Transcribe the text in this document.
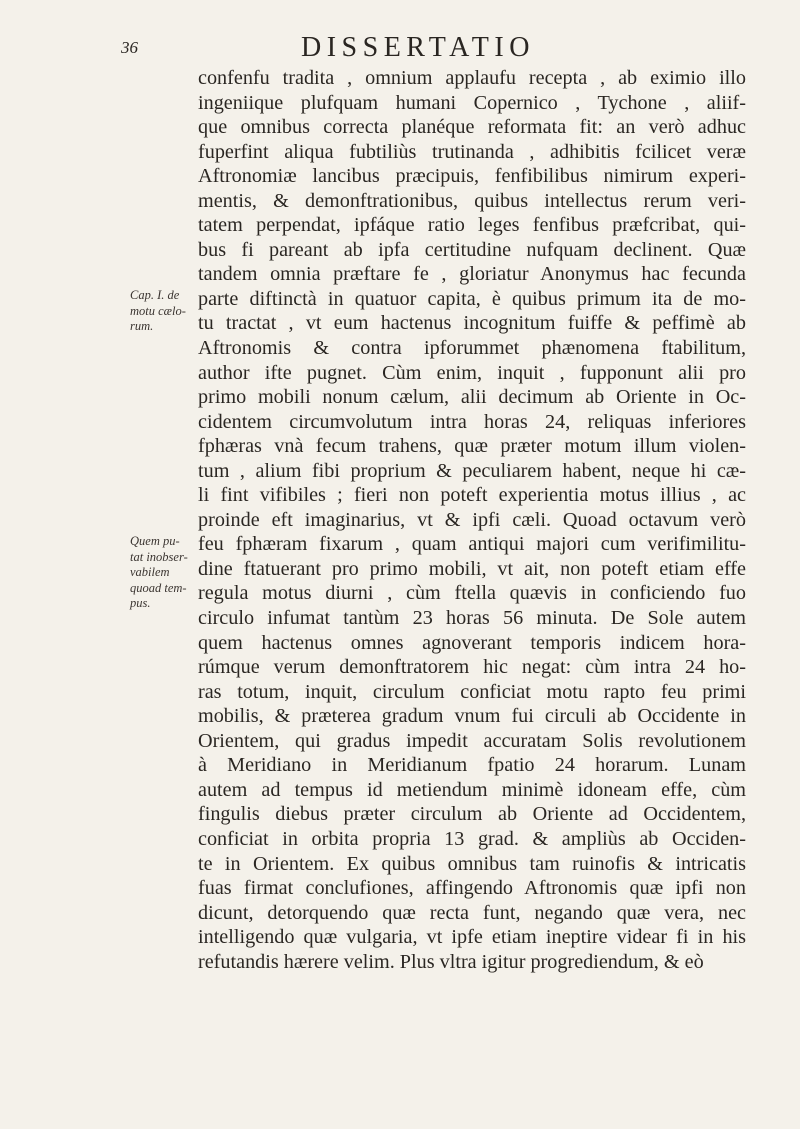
36	DISSERTATIO
Cap. I. de
motu cælo-
rum.
Quem pu-
tat inobser-
vabilem
quoad tem-
pus.
confenfu tradita , omnium applaufu recepta , ab eximio illo
ingeniique plufquam humani Copernico , Tychone , aliif-
que omnibus correcta planéque reformata fit: an verò adhuc
fuperfint aliqua fubtiliùs trutinanda , adhibitis fcilicet veræ
Aftronomiæ lancibus præcipuis, fenfibilibus nimirum experi-
mentis, & demonftrationibus, quibus intellectus rerum veri-
tatem perpendat, ipfáque ratio leges fenfibus præfcribat, qui-
bus fi pareant ab ipfa certitudine nufquam declinent. Quæ
tandem omnia præftare fe , gloriatur Anonymus hac fecunda
parte diftinctà in quatuor capita, è quibus primum ita de mo-
tu tractat , vt eum hactenus incognitum fuiffe & peffimè ab
Aftronomis & contra ipforummet phænomena ftabilitum,
author ifte pugnet. Cùm enim, inquit , fupponunt alii pro
primo mobili nonum cælum, alii decimum ab Oriente in Oc-
cidentem circumvolutum intra horas 24, reliquas inferiores
fphæras vnà fecum trahens, quæ præter motum illum violen-
tum , alium fibi proprium & peculiarem habent, neque hi cæ-
li fint vifibiles ; fieri non poteft experientia motus illius , ac
proinde eft imaginarius, vt & ipfi cæli. Quoad octavum verò
feu fphæram fixarum , quam antiqui majori cum verifimilitu-
dine ftatuerant pro primo mobili, vt ait, non poteft etiam effe
regula motus diurni , cùm ftella quævis in conficiendo fuo
circulo infumat tantùm 23 horas 56 minuta. De Sole autem
quem hactenus omnes agnoverant temporis indicem hora-
rúmque verum demonftratorem hic negat: cùm intra 24 ho-
ras totum, inquit, circulum conficiat motu rapto feu primi
mobilis, & præterea gradum vnum fui circuli ab Occidente in
Orientem, qui gradus impedit accuratam Solis revolutionem
à Meridiano in Meridianum fpatio 24 horarum. Lunam
autem ad tempus id metiendum minimè idoneam effe, cùm
fingulis diebus præter circulum ab Oriente ad Occidentem,
conficiat in orbita propria 13 grad. & ampliùs ab Occiden-
te in Orientem. Ex quibus omnibus tam ruinofis & intricatis
fuas firmat conclufiones, affingendo Aftronomis quæ ipfi non
dicunt, detorquendo quæ recta funt, negando quæ vera, nec
intelligendo quæ vulgaria, vt ipfe etiam ineptire videar fi in his
refutandis hærere velim. Plus vltra igitur progrediendum, & eò
